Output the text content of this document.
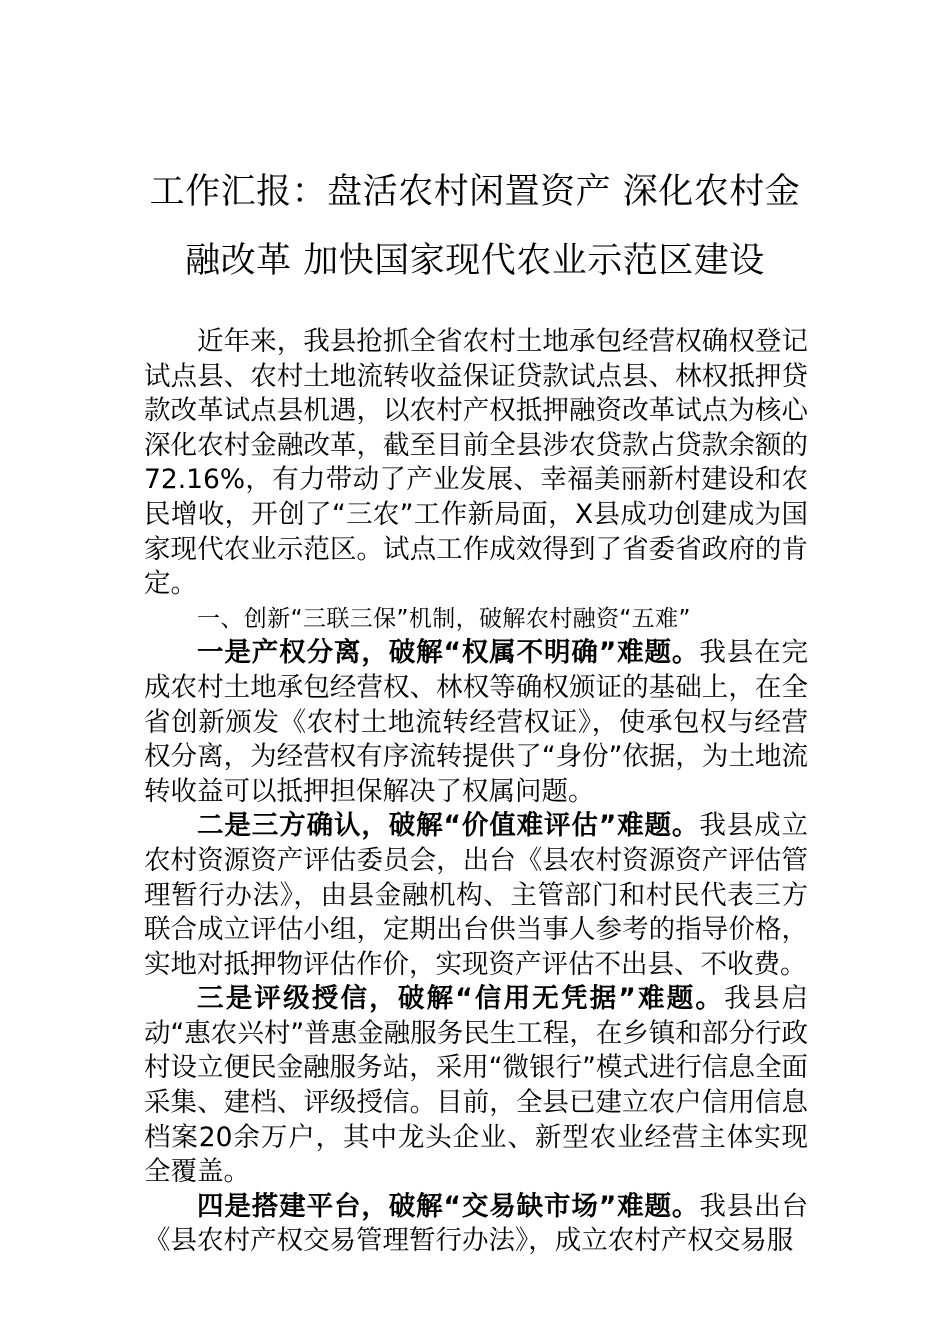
工作汇报：盘活农村闲置资产 深化农村金
融改革 加快国家现代农业示范区建设

近年来，我县抢抓全省农村土地承包经营权确权登记试点县、农村土地流转收益保证贷款试点县、林权抵押贷款改革试点县机遇，以农村产权抵押融资改革试点为核心深化农村金融改革，截至目前全县涉农贷款占贷款余额的72.16%，有力带动了产业发展、幸福美丽新村建设和农民增收，开创了“三农”工作新局面，X县成功创建成为国家现代农业示范区。试点工作成效得到了省委省政府的肯定。

一、创新“三联三保”机制，破解农村融资“五难”

一是产权分离，破解“权属不明确”难题。我县在完成农村土地承包经营权、林权等确权颁证的基础上，在全省创新颁发《农村土地流转经营权证》，使承包权与经营权分离，为经营权有序流转提供了“身份”依据，为土地流转收益可以抵押担保解决了权属问题。

二是三方确认，破解“价值难评估”难题。我县成立农村资源资产评估委员会，出台《县农村资源资产评估管理暂行办法》，由县金融机构、主管部门和村民代表三方联合成立评估小组，定期出台供当事人参考的指导价格，实地对抵押物评估作价，实现资产评估不出县、不收费。

三是评级授信，破解“信用无凭据”难题。我县启动“惠农兴村”普惠金融服务民生工程，在乡镇和部分行政村设立便民金融服务站，采用“微银行”模式进行信息全面采集、建档、评级授信。目前，全县已建立农户信用信息档案20余万户，其中龙头企业、新型农业经营主体实现全覆盖。

四是搭建平台，破解“交易缺市场”难题。我县出台《县农村产权交易管理暂行办法》，成立农村产权交易服
